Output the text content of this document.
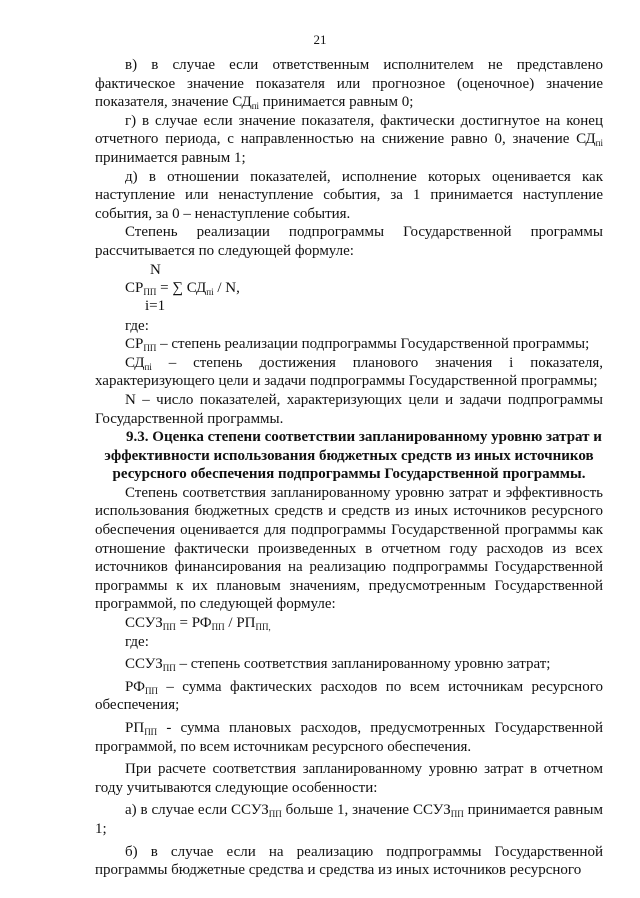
21

в) в случае если ответственным исполнителем не представлено фактическое значение показателя или прогнозное (оценочное) значение показателя, значение $СД_{пi}$ принимается равным 0;

г) в случае если значение показателя, фактически достигнутое на конец отчетного периода, с направленностью на снижение равно 0, значение $СД_{пi}$ принимается равным 1;

д) в отношении показателей, исполнение которых оценивается как наступление или ненаступление события, за 1 принимается наступление события, за 0 – ненаступление события.

Степень реализации подпрограммы Государственной программы рассчитывается по следующей формуле:

N
$СР_{ПП}$ = ∑ $СД_{пi}$ / N,
i=1

где:

$СР_{ПП}$ – степень реализации подпрограммы Государственной программы;

$СД_{пi}$ – степень достижения планового значения i показателя, характеризующего цели и задачи подпрограммы Государственной программы;

N – число показателей, характеризующих цели и задачи подпрограммы Государственной программы.

9.3. Оценка степени соответствии запланированному уровню затрат и эффективности использования бюджетных средств из иных источников ресурсного обеспечения подпрограммы Государственной программы.

Степень соответствия запланированному уровню затрат и эффективность использования бюджетных средств и средств из иных источников ресурсного обеспечения оценивается для подпрограммы Государственной программы как отношение фактически произведенных в отчетном году расходов из всех источников финансирования на реализацию подпрограммы Государственной программы к их плановым значениям, предусмотренным Государственной программой, по следующей формуле:

$ССУЗ_{ПП} = РФ_{ПП} / РП_{ПП,}$

где:

$ССУЗ_{ПП}$ – степень соответствия запланированному уровню затрат;

$РФ_{ПП}$ – сумма фактических расходов по всем источникам ресурсного обеспечения;

$РП_{ПП}$ - сумма плановых расходов, предусмотренных Государственной программой, по всем источникам ресурсного обеспечения.

При расчете соответствия запланированному уровню затрат в отчетном году учитываются следующие особенности:

а) в случае если $ССУЗ_{ПП}$ больше 1, значение $ССУЗ_{ПП}$ принимается равным 1;

б) в случае если на реализацию подпрограммы Государственной программы бюджетные средства и средства из иных источников ресурсного
